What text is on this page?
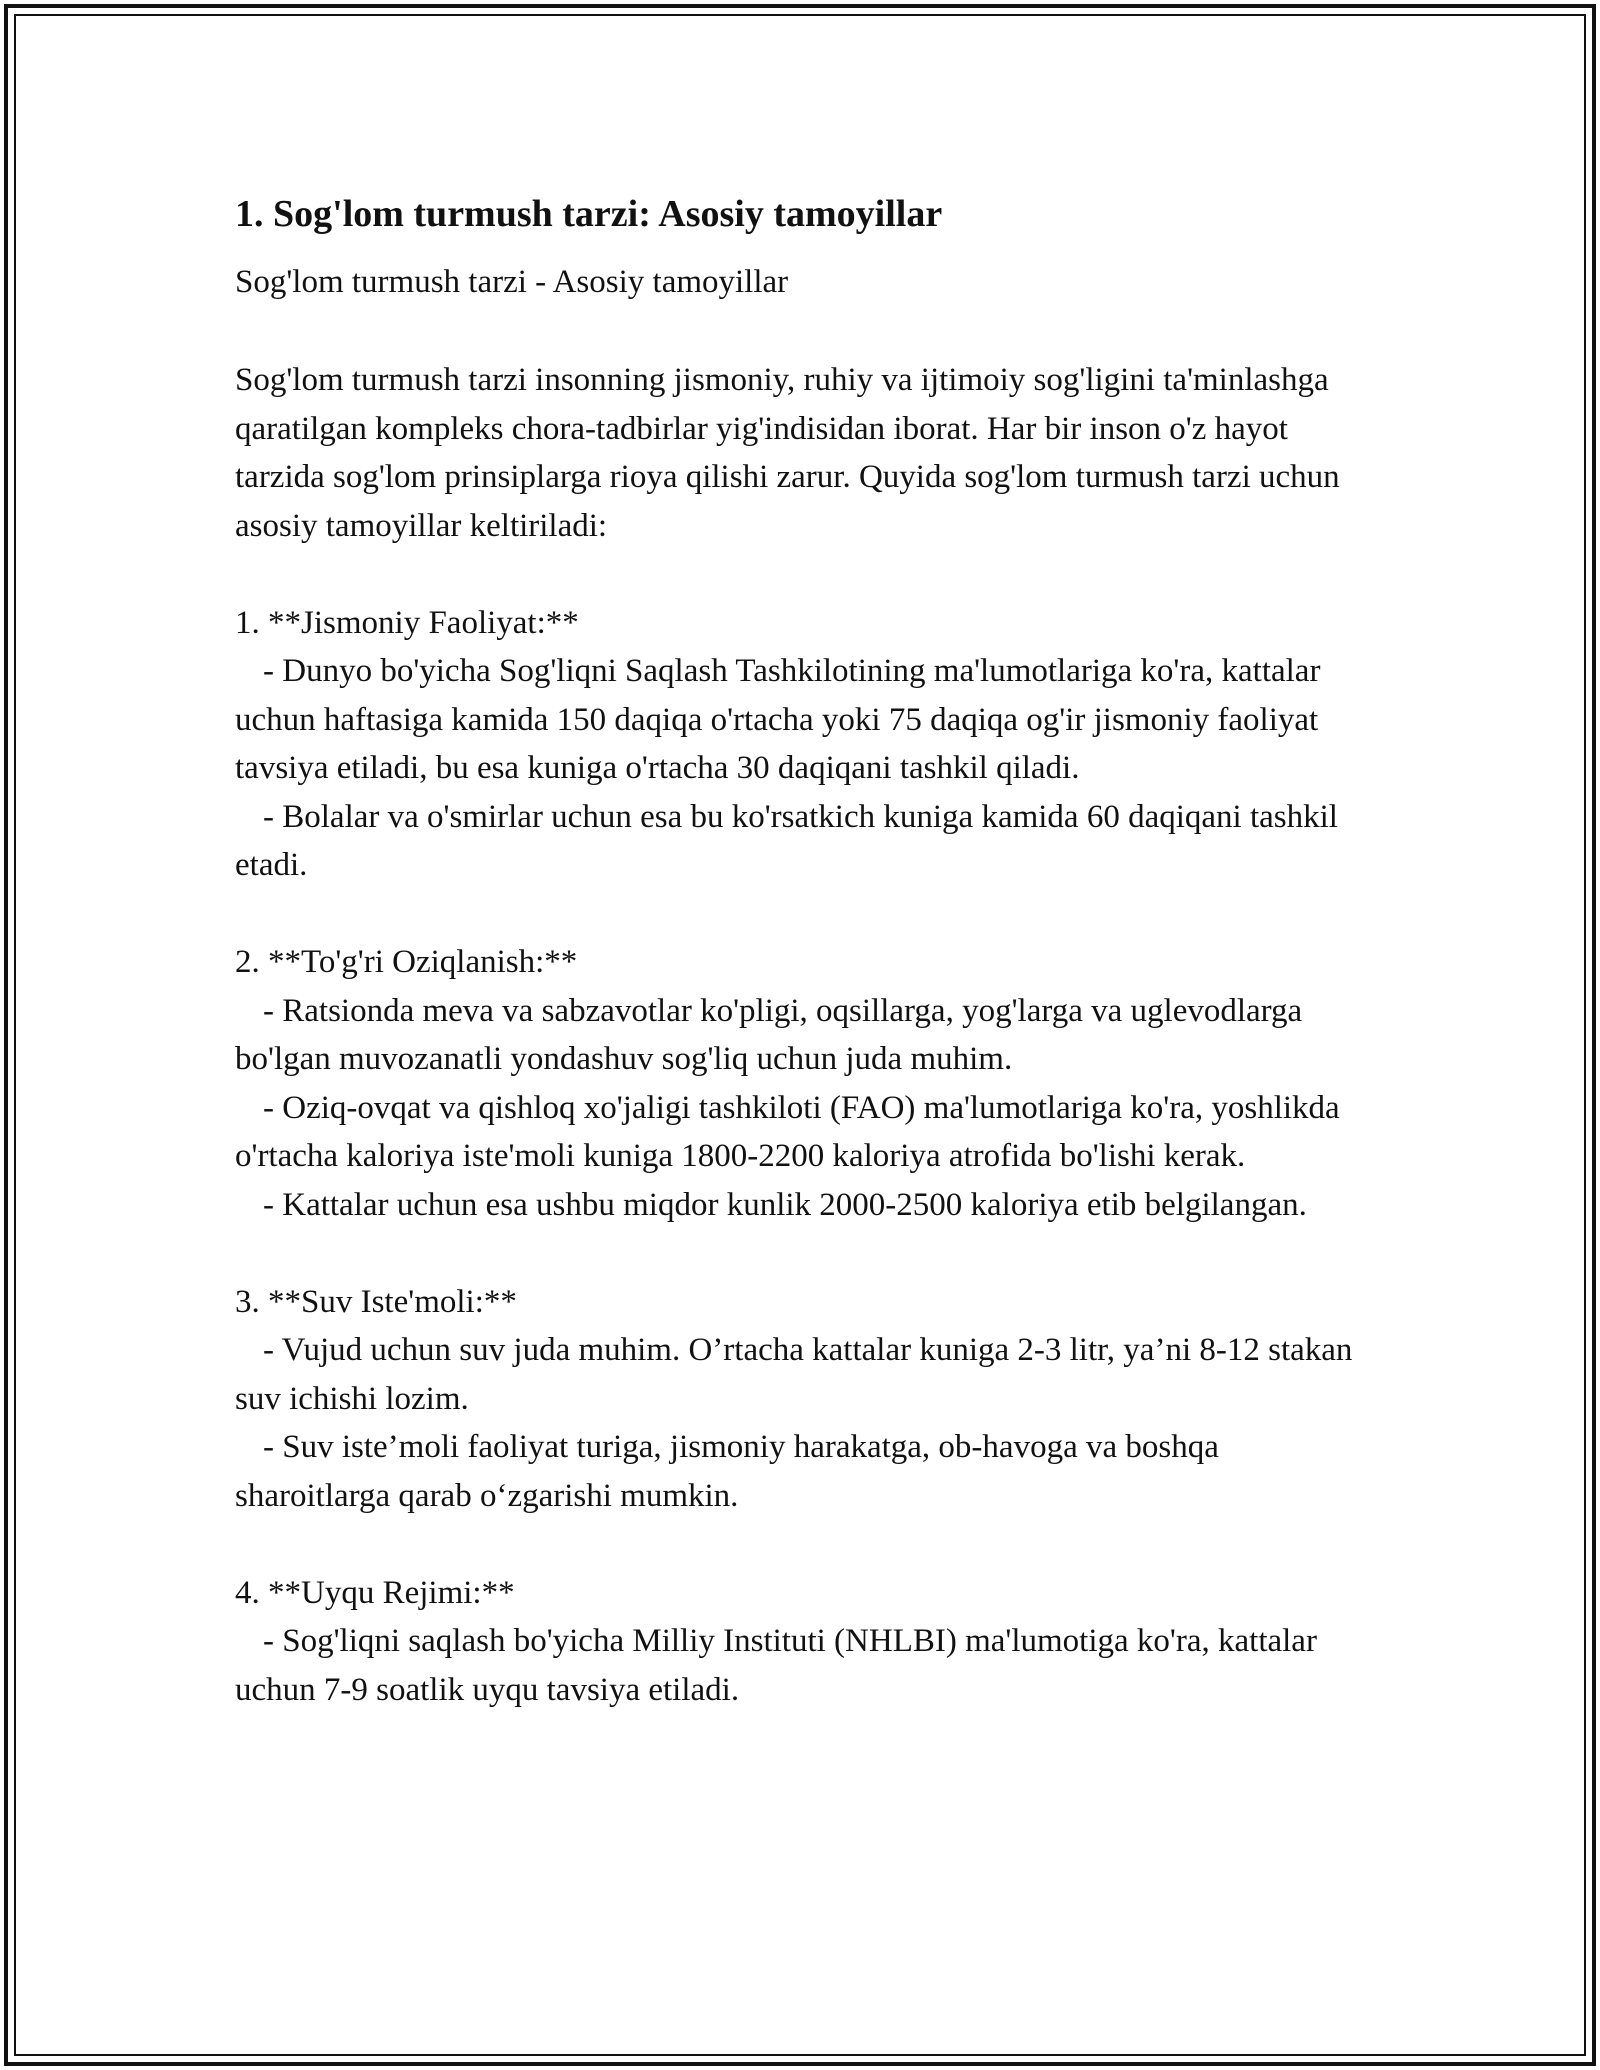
1. Sog'lom turmush tarzi: Asosiy tamoyillar

Sog'lom turmush tarzi - Asosiy tamoyillar

Sog'lom turmush tarzi insonning jismoniy, ruhiy va ijtimoiy sog'ligini ta'minlashga qaratilgan kompleks chora-tadbirlar yig'indisidan iborat. Har bir inson o'z hayot tarzida sog'lom prinsiplarga rioya qilishi zarur. Quyida sog'lom turmush tarzi uchun asosiy tamoyillar keltiriladi:

1. **Jismoniy Faoliyat:**

- Dunyo bo'yicha Sog'liqni Saqlash Tashkilotining ma'lumotlariga ko'ra, kattalar uchun haftasiga kamida 150 daqiqa o'rtacha yoki 75 daqiqa og'ir jismoniy faoliyat tavsiya etiladi, bu esa kuniga o'rtacha 30 daqiqani tashkil qiladi.

- Bolalar va o'smirlar uchun esa bu ko'rsatkich kuniga kamida 60 daqiqani tashkil etadi.

2. **To'g'ri Oziqlanish:**

- Ratsionda meva va sabzavotlar ko'pligi, oqsillarga, yog'larga va uglevodlarga bo'lgan muvozanatli yondashuv sog'liq uchun juda muhim.

- Oziq-ovqat va qishloq xo'jaligi tashkiloti (FAO) ma'lumotlariga ko'ra, yoshlikda o'rtacha kaloriya iste'moli kuniga 1800-2200 kaloriya atrofida bo'lishi kerak.

- Kattalar uchun esa ushbu miqdor kunlik 2000-2500 kaloriya etib belgilangan.

3. **Suv Iste'moli:**

- Vujud uchun suv juda muhim. O’rtacha kattalar kuniga 2-3 litr, ya’ni 8-12 stakan suv ichishi lozim.

- Suv iste’moli faoliyat turiga, jismoniy harakatga, ob-havoga va boshqa sharoitlarga qarab o‘zgarishi mumkin.

4. **Uyqu Rejimi:**

- Sog'liqni saqlash bo'yicha Milliy Instituti (NHLBI) ma'lumotiga ko'ra, kattalar uchun 7-9 soatlik uyqu tavsiya etiladi.
